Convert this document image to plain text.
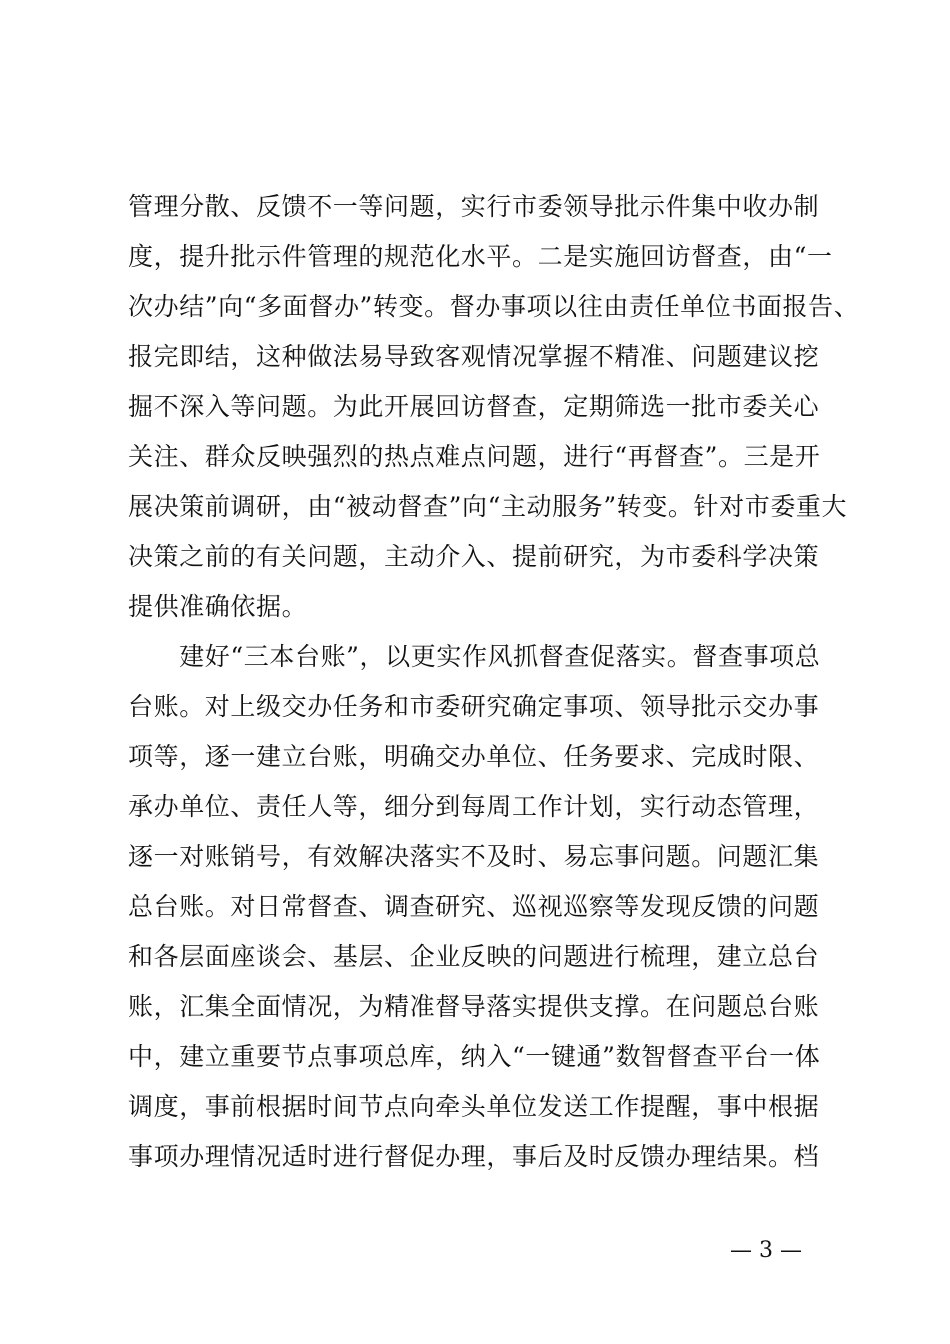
管理分散、反馈不一等问题，实行市委领导批示件集中收办制
度，提升批示件管理的规范化水平。二是实施回访督查，由“一
次办结”向“多面督办”转变。督办事项以往由责任单位书面报告、
报完即结，这种做法易导致客观情况掌握不精准、问题建议挖
掘不深入等问题。为此开展回访督查，定期筛选一批市委关心
关注、群众反映强烈的热点难点问题，进行“再督查”。三是开
展决策前调研，由“被动督查”向“主动服务”转变。针对市委重大
决策之前的有关问题，主动介入、提前研究，为市委科学决策
提供准确依据。
　　建好“三本台账”，以更实作风抓督查促落实。督查事项总
台账。对上级交办任务和市委研究确定事项、领导批示交办事
项等，逐一建立台账，明确交办单位、任务要求、完成时限、
承办单位、责任人等，细分到每周工作计划，实行动态管理，
逐一对账销号，有效解决落实不及时、易忘事问题。问题汇集
总台账。对日常督查、调查研究、巡视巡察等发现反馈的问题
和各层面座谈会、基层、企业反映的问题进行梳理，建立总台
账，汇集全面情况，为精准督导落实提供支撑。在问题总台账
中，建立重要节点事项总库，纳入“一键通”数智督查平台一体
调度，事前根据时间节点向牵头单位发送工作提醒，事中根据
事项办理情况适时进行督促办理，事后及时反馈办理结果。档
— 3 —
